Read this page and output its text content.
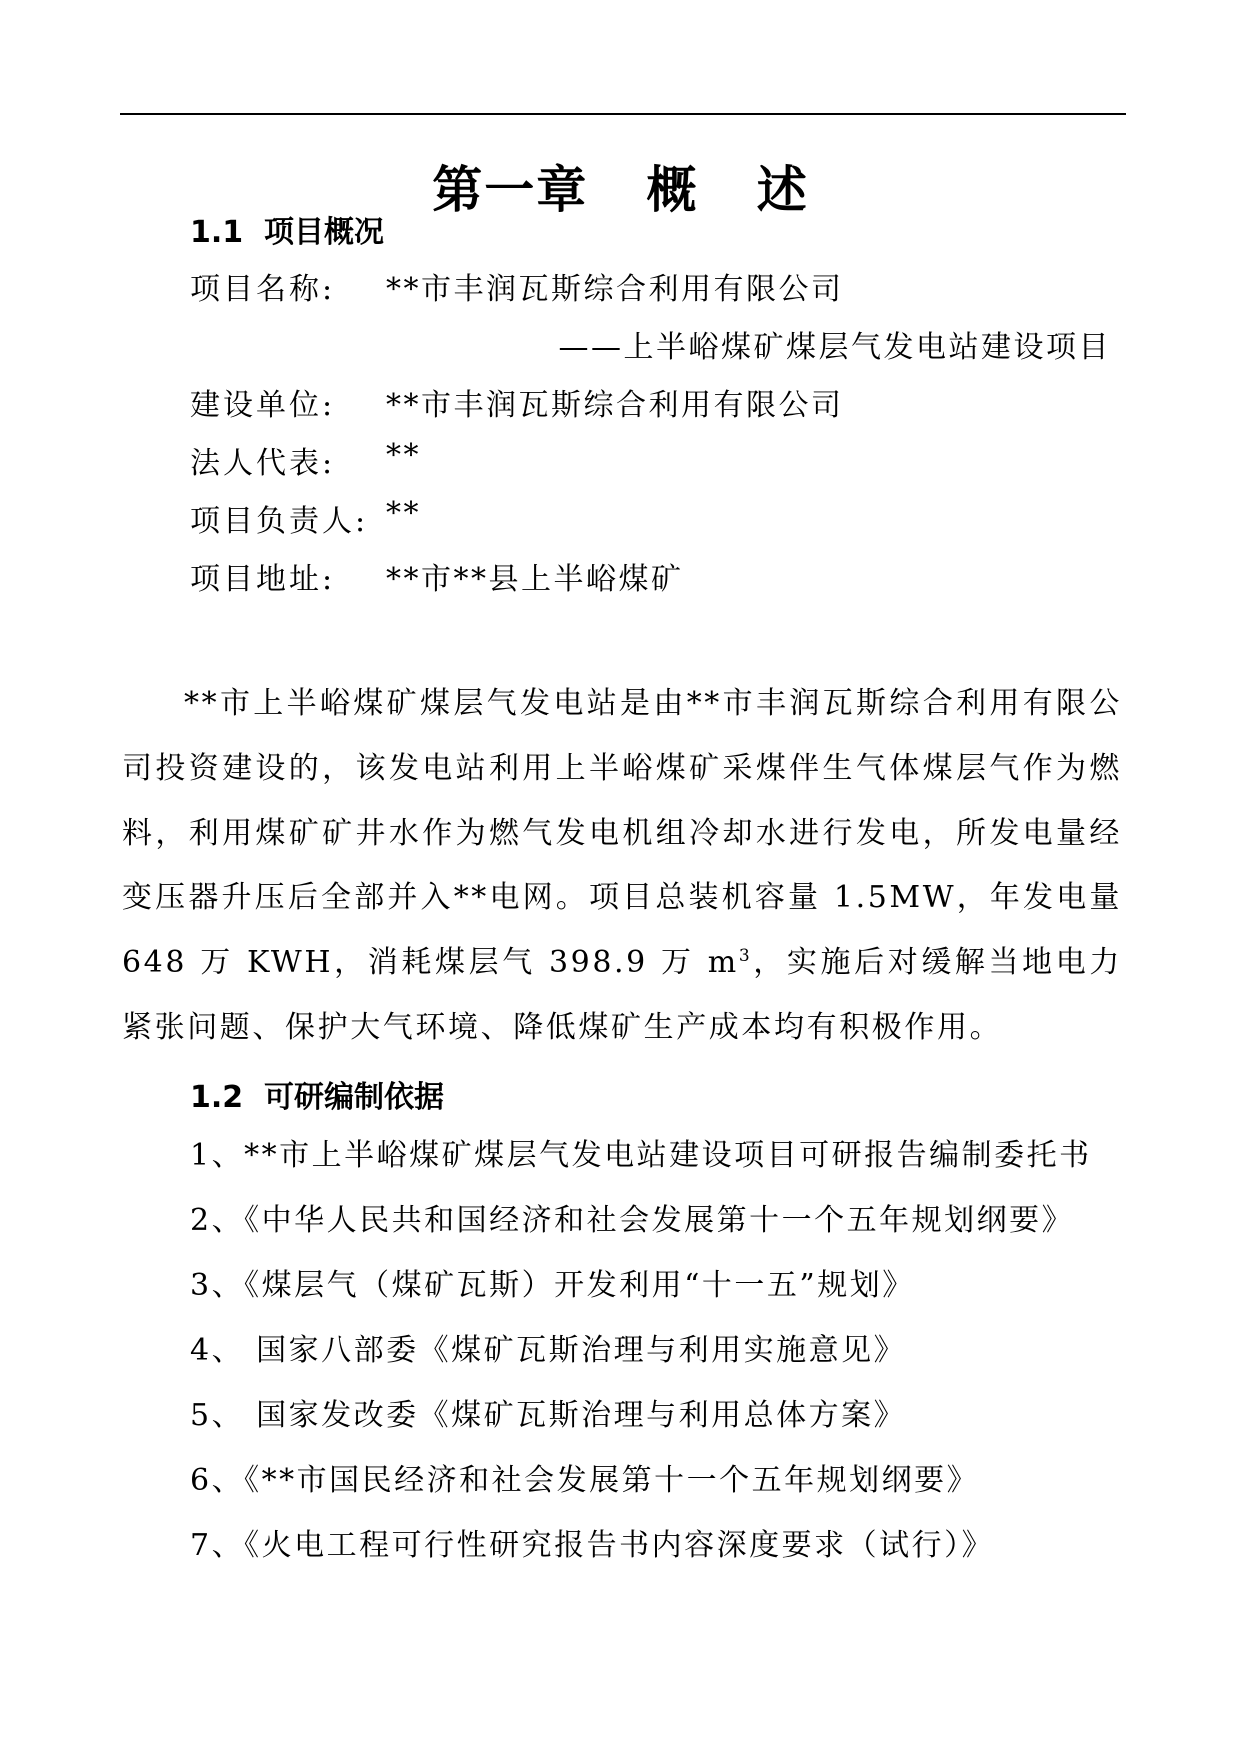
第一章   概   述
1.1  项目概况
项目名称: **市丰润瓦斯综合利用有限公司
——上半峪煤矿煤层气发电站建设项目
建设单位: **市丰润瓦斯综合利用有限公司
法人代表: **
项目负责人: **
项目地址: **市**县上半峪煤矿

**市上半峪煤矿煤层气发电站是由**市丰润瓦斯综合利用有限公司投资建设的，该发电站利用上半峪煤矿采煤伴生气体煤层气作为燃料，利用煤矿矿井水作为燃气发电机组冷却水进行发电，所发电量经变压器升压后全部并入**电网。项目总装机容量 1.5MW，年发电量 648 万 KWH，消耗煤层气 398.9 万 $m^3$，实施后对缓解当地电力紧张问题、保护大气环境、降低煤矿生产成本均有积极作用。

1.2  可研编制依据
1、**市上半峪煤矿煤层气发电站建设项目可研报告编制委托书
2、《中华人民共和国经济和社会发展第十一个五年规划纲要》
3、《煤层气（煤矿瓦斯）开发利用“十一五”规划》
4、 国家八部委《煤矿瓦斯治理与利用实施意见》
5、 国家发改委《煤矿瓦斯治理与利用总体方案》
6、《**市国民经济和社会发展第十一个五年规划纲要》
7、《火电工程可行性研究报告书内容深度要求（试行）》
